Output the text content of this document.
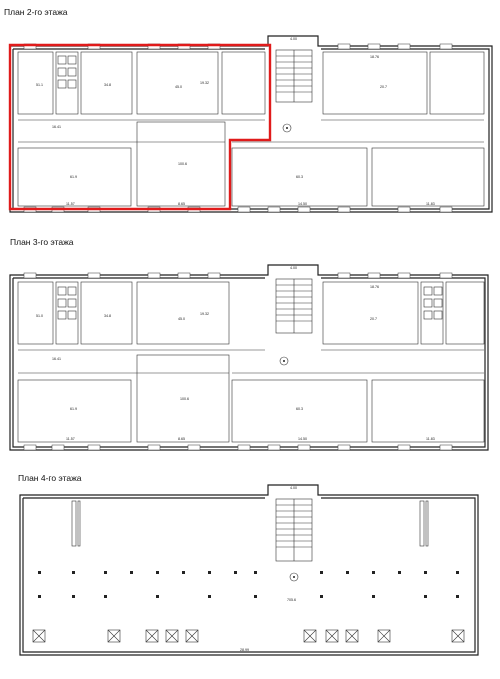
План 2-го этажа
4.00
18.76
19.32
16.41
11.57	8.65	14.50	11.83
51.1	34.8	45.0
100.6
61.9
20.7
60.3
План 3-го этажа
4.00
18.76
19.32
16.41
11.57	8.65	14.50	11.83
51.0	34.8
45.0
100.6
61.9
20.7
60.3
План 4-го этажа
4.00
28.99
705.6
